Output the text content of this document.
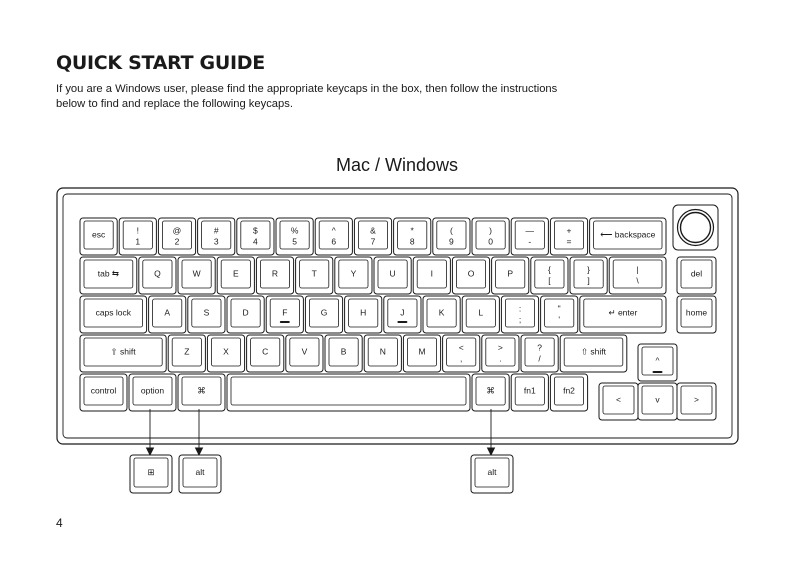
QUICK START GUIDE
If you are a Windows user, please find the appropriate keycaps in the box, then follow the instructions below to find and replace the following keycaps.
Mac / Windows
4
esc	!
1
@
2
#
3
$
4
%
5
^
6
&
7
*
8
(
9
)
0
—
-
+
=
⟵ backspace
tab ⇆	Q	W	E	R	T	Y	U	I	O	P	{
[
}
]
|
\
caps lock	A	S	D	F	G	H	J	K	L	:
;
"
'
↵ enter
⇧ shift	Z	X	C	V	B	N	M	<
,
>
.
?
/
⇧ shift
control	option	⌘	⌘	fn1	fn2
del
home
^
<	v	>
⊞	alt	alt
